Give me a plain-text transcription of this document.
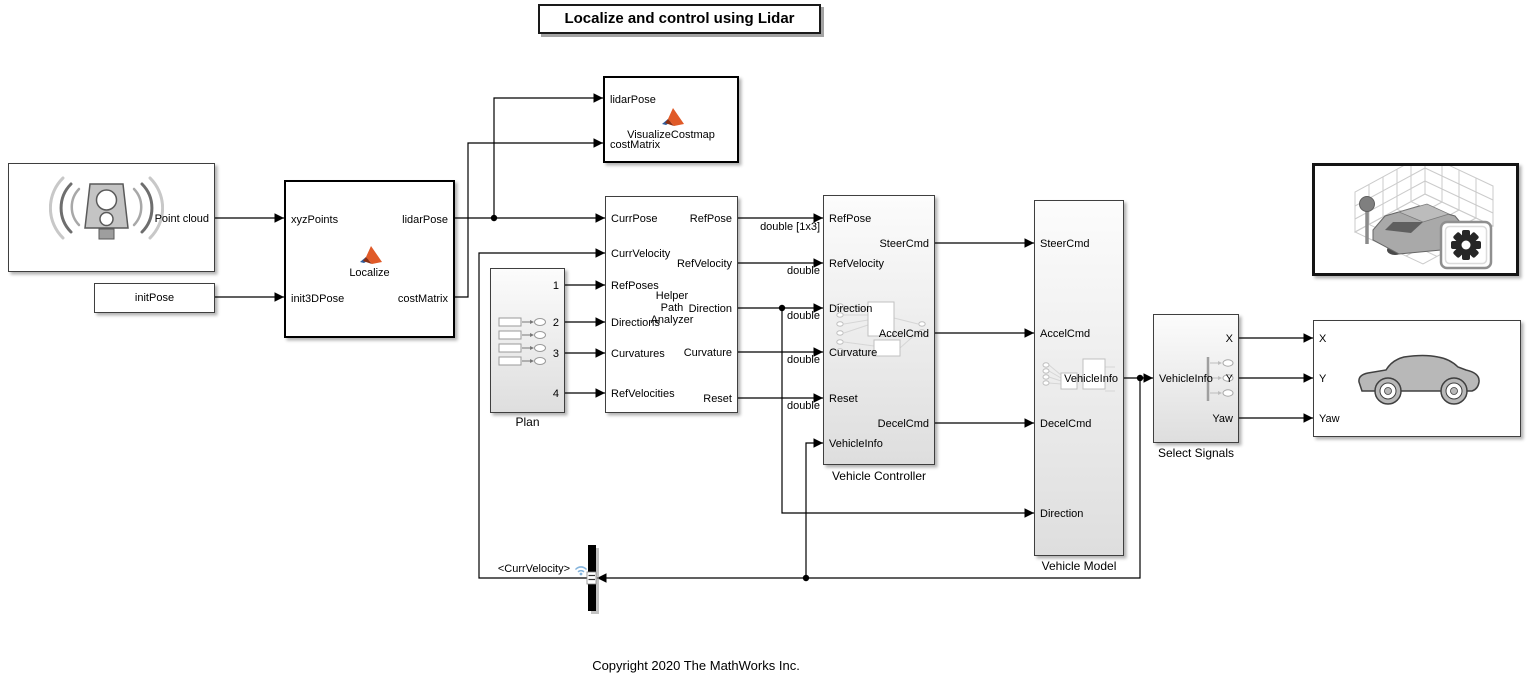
Localize and control using Lidar
Point cloud
initPose
xyzPoints
init3DPose
lidarPose
costMatrix
Localize
lidarPose
costMatrix
VisualizeCostmap
1
2
3
4
Plan
CurrPose
CurrVelocity
RefPoses
Directions
Curvatures
RefVelocities
RefPose
RefVelocity
Direction
Curvature
Reset
Helper
Path
Analyzer
RefPose
RefVelocity
Direction
Curvature
Reset
VehicleInfo
SteerCmd
AccelCmd
DecelCmd
Vehicle Controller
SteerCmd
AccelCmd
DecelCmd
Direction
VehicleInfo
Vehicle Model
VehicleInfo
X
Y
Yaw
Select Signals
X
Y
Yaw
double [1x3]
double
double
double
double
<CurrVelocity>
Copyright 2020 The MathWorks Inc.
